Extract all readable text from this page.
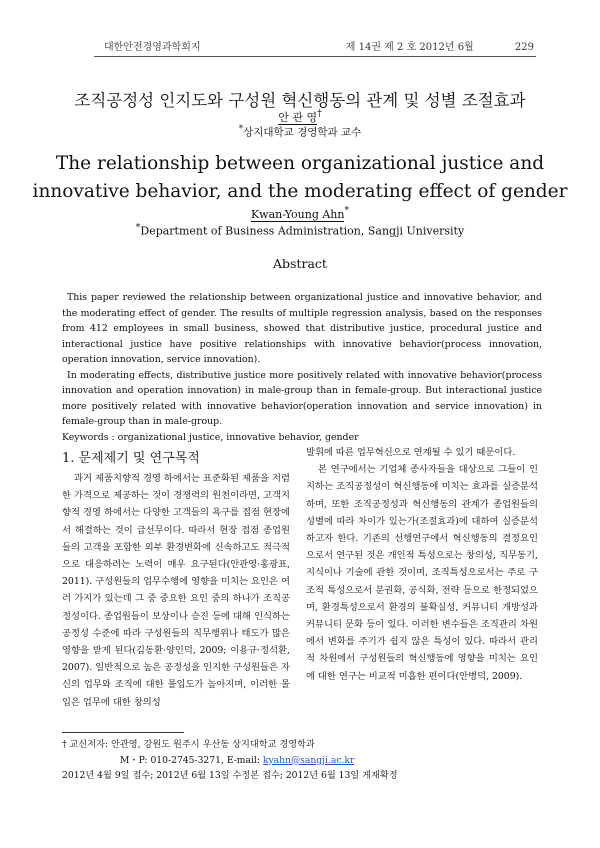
대한안전경영과학회지	제 14권 제 2 호 2012년 6월	229
조직공정성 인지도와 구성원 혁신행동의 관계 및 성별 조절효과
안 관 영†
*상지대학교 경영학과 교수
The relationship between organizational justice and innovative behavior, and the moderating effect of gender
Kwan-Young Ahn*
*Department of Business Administration, Sangji University
Abstract

This paper reviewed the relationship between organizational justice and innovative behavior, and the moderating effect of gender. The results of multiple regression analysis, based on the responses from 412 employees in small business, showed that distributive justice, procedural justice and interactional justice have positive relationships with innovative behavior(process innovation, operation innovation, service innovation).

In moderating effects, distributive justice more positively related with innovative behavior(process innovation and operation innovation) in male-group than in female-group. But interactional justice more positively related with innovative behavior(operation innovation and service innovation) in female-group than in male-group.

Keywords : organizational justice, innovative behavior, gender

1. 문제제기 및 연구목적

과거 제품지향적 경영 하에서는 표준화된 제품을 저렴한 가격으로 제공하는 것이 경쟁력의 원천이라면, 고객지향적 경영 하에서는 다양한 고객들의 욕구를 접점 현장에서 해결하는 것이 급선무이다. 따라서 현장 접점 종업원들의 고객을 포함한 외부 환경변화에 신속하고도 적극적으로 대응하려는 노력이 매우 요구된다(안관영·홍광표, 2011). 구성원들의 업무수행에 영향을 미치는 요인은 여러 가지가 있는데 그 중 중요한 요인 중의 하나가 조직공정성이다. 종업원들이 보상이나 승진 등에 대해 인식하는 공정성 수준에 따라 구성원들의 직무행위나 태도가 많은 영향을 받게 된다(김동환·양인덕, 2009; 이용규·정석환, 2007). 일반적으로 높은 공정성을 인지한 구성원들은 자신의 업무와 조직에 대한 몰입도가 높아지며, 이러한 몰입은 업무에 대한 창의성

발휘에 따른 업무혁신으로 연계될 수 있기 때문이다.

본 연구에서는 기업체 종사자들을 대상으로 그들이 인지하는 조직공정성이 혁신행동에 미치는 효과를 실증분석하며, 또한 조직공정성과 혁신행동의 관계가 종업원들의 성별에 따라 차이가 있는가(조절효과)에 대하여 실증분석하고자 한다. 기존의 선행연구에서 혁신행동의 결정요인으로서 연구된 것은 개인적 특성으로는 창의성, 직무동기, 지식이나 기술에 관한 것이며, 조직특성으로서는 주로 구조적 특성으로서 분권화, 공식화, 전략 등으로 한정되었으며, 환경특성으로서 환경의 불확실성, 커뮤니티 개방성과 커뮤니티 문화 등이 있다. 이러한 변수들은 조직관리 차원에서 변화를 주기가 쉽지 않은 특성이 있다. 따라서 관리적 차원에서 구성원들의 혁신행동에 영향을 미치는 요인에 대한 연구는 비교적 미흡한 편이다(안병덕, 2009).

† 교신저자: 안관영, 강원도 원주시 우산동 상지대학교 경영학과
M・P: 010-2745-3271, E-mail: kyahn@sangji.ac.kr
2012년 4월 9일 접수; 2012년 6월 13일 수정본 접수; 2012년 6월 13일 게재확정
